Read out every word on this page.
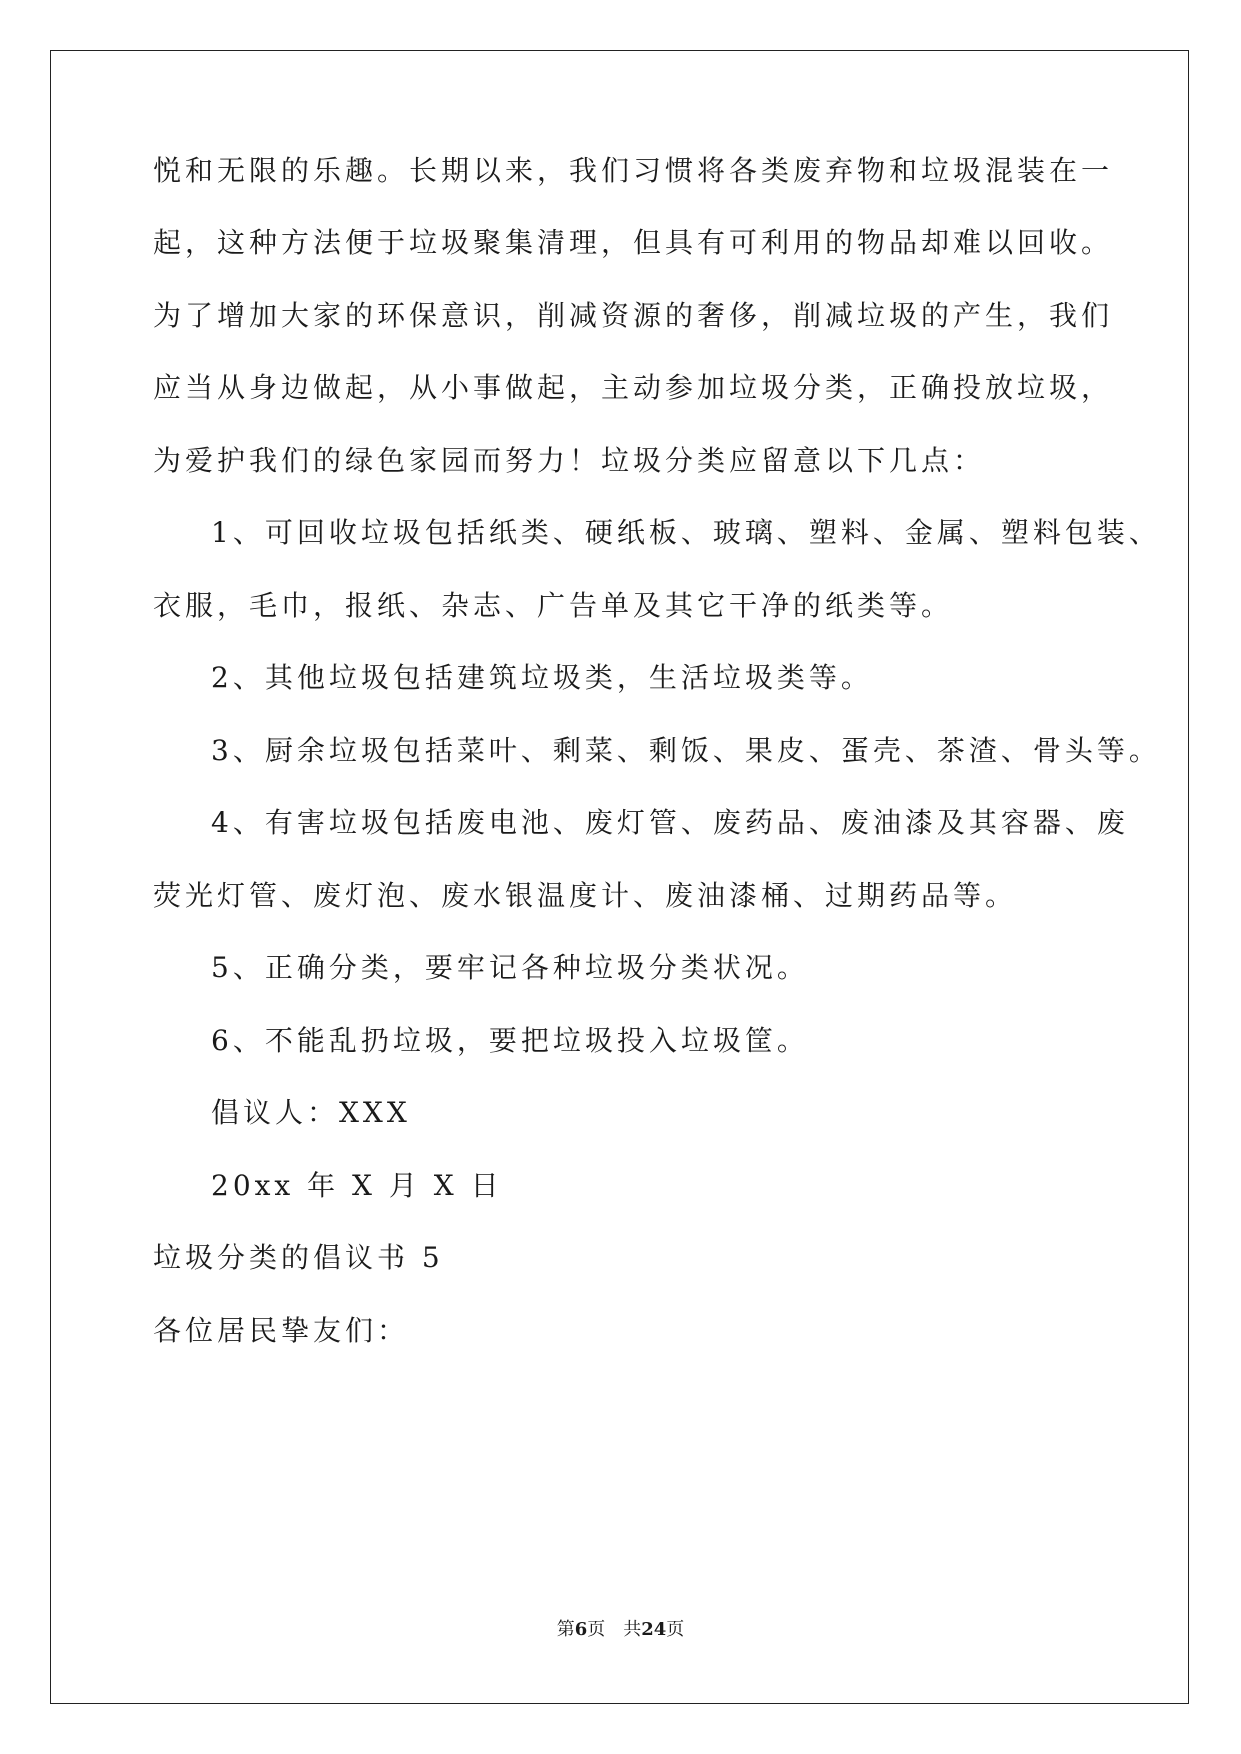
悦和无限的乐趣。长期以来，我们习惯将各类废弃物和垃圾混装在一
起，这种方法便于垃圾聚集清理，但具有可利用的物品却难以回收。
为了增加大家的环保意识，削减资源的奢侈，削减垃圾的产生，我们
应当从身边做起，从小事做起，主动参加垃圾分类，正确投放垃圾，
为爱护我们的绿色家园而努力！垃圾分类应留意以下几点：
1、可回收垃圾包括纸类、硬纸板、玻璃、塑料、金属、塑料包装、
衣服，毛巾，报纸、杂志、广告单及其它干净的纸类等。
2、其他垃圾包括建筑垃圾类，生活垃圾类等。
3、厨余垃圾包括菜叶、剩菜、剩饭、果皮、蛋壳、茶渣、骨头等。
4、有害垃圾包括废电池、废灯管、废药品、废油漆及其容器、废
荧光灯管、废灯泡、废水银温度计、废油漆桶、过期药品等。
5、正确分类，要牢记各种垃圾分类状况。
6、不能乱扔垃圾，要把垃圾投入垃圾筐。
倡议人：XXX
20xx 年 X 月 X 日
垃圾分类的倡议书 5
各位居民挚友们：
第6页　共24页
